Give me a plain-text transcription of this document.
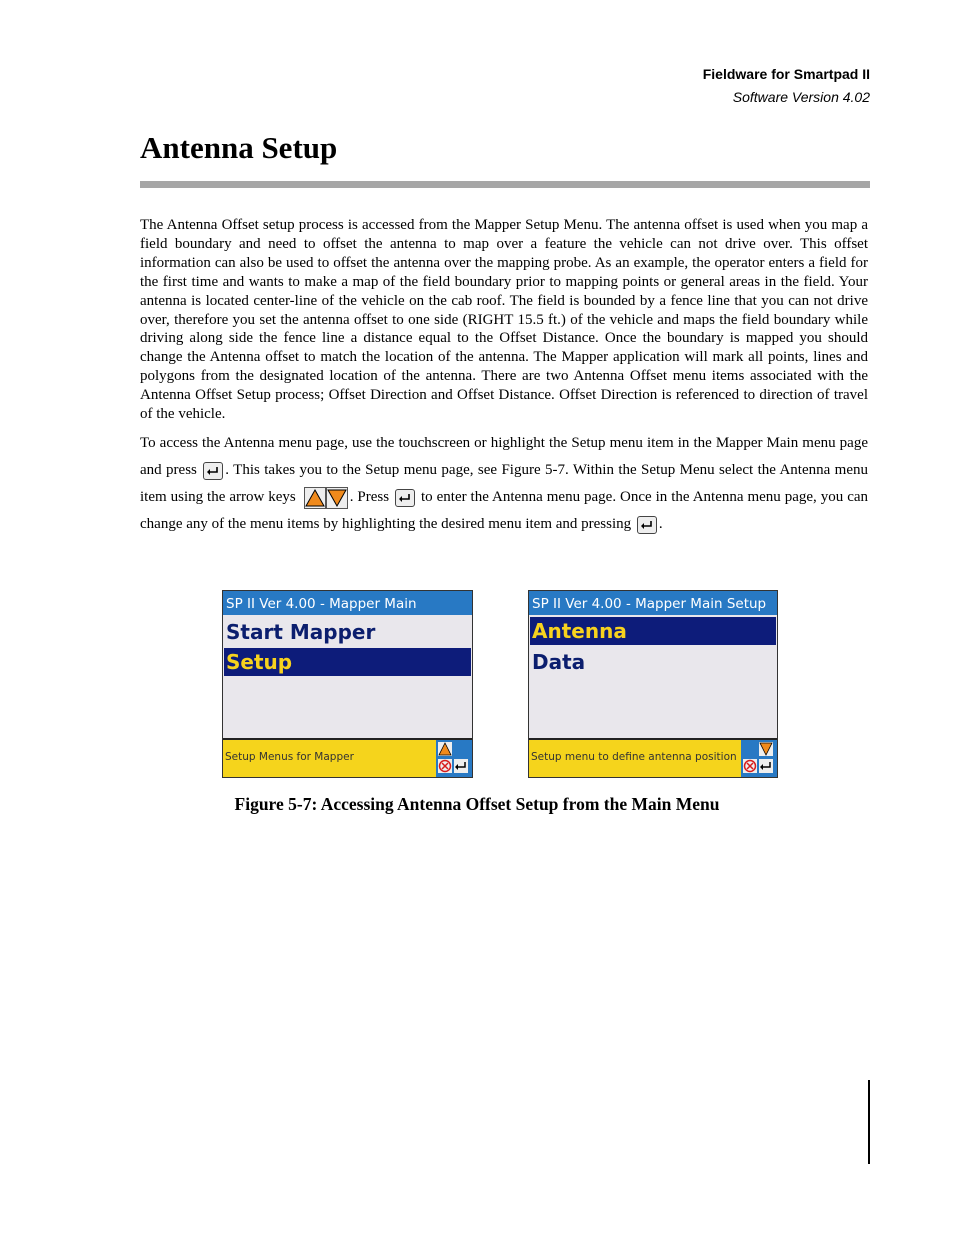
Fieldware for Smartpad II
Software Version 4.02
Antenna Setup

The Antenna Offset setup process is accessed from the Mapper Setup Menu. The antenna offset is used when you map a field boundary and need to offset the antenna to map over a feature the vehicle can not drive over. This offset information can also be used to offset the antenna over the mapping probe. As an example, the operator enters a field for the first time and wants to make a map of the field boundary prior to mapping points or general areas in the field. Your antenna is located center-line of the vehicle on the cab roof. The field is bounded by a fence line that you can not drive over, therefore you set the antenna offset to one side (RIGHT 15.5 ft.) of the vehicle and maps the field boundary while driving along side the fence line a distance equal to the Offset Distance. Once the boundary is mapped you should change the Antenna offset to match the location of the antenna. The Mapper application will mark all points, lines and polygons from the designated location of the antenna. There are two Antenna Offset menu items associated with the Antenna Offset Setup process; Offset Direction and Offset Distance. Offset Direction is referenced to direction of travel of the vehicle.

To access the Antenna menu page, use the touchscreen or highlight the Setup menu item in the Mapper Main menu page and press . This takes you to the Setup menu page, see Figure 5-7. Within the Setup Menu select the Antenna menu item using the arrow keys	. Press to enter the Antenna menu page. Once in the Antenna menu page, you can change any of the menu items by highlighting the desired menu item and pressing .

SP II Ver 4.00 - Mapper Main
Start Mapper
Setup
Setup Menus for Mapper
SP II Ver 4.00 - Mapper Main Setup
Antenna
Data
Setup menu to define antenna position

Figure 5-7: Accessing Antenna Offset Setup from the Main Menu
